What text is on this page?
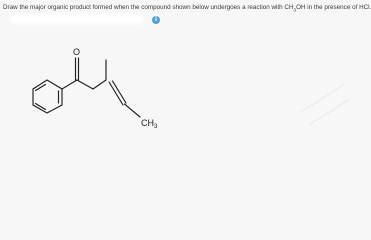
Draw the major organic product formed when the compound shown below undergoes a reaction with $CH_3OH$ in the presence of HCl.
i
O
CH3
